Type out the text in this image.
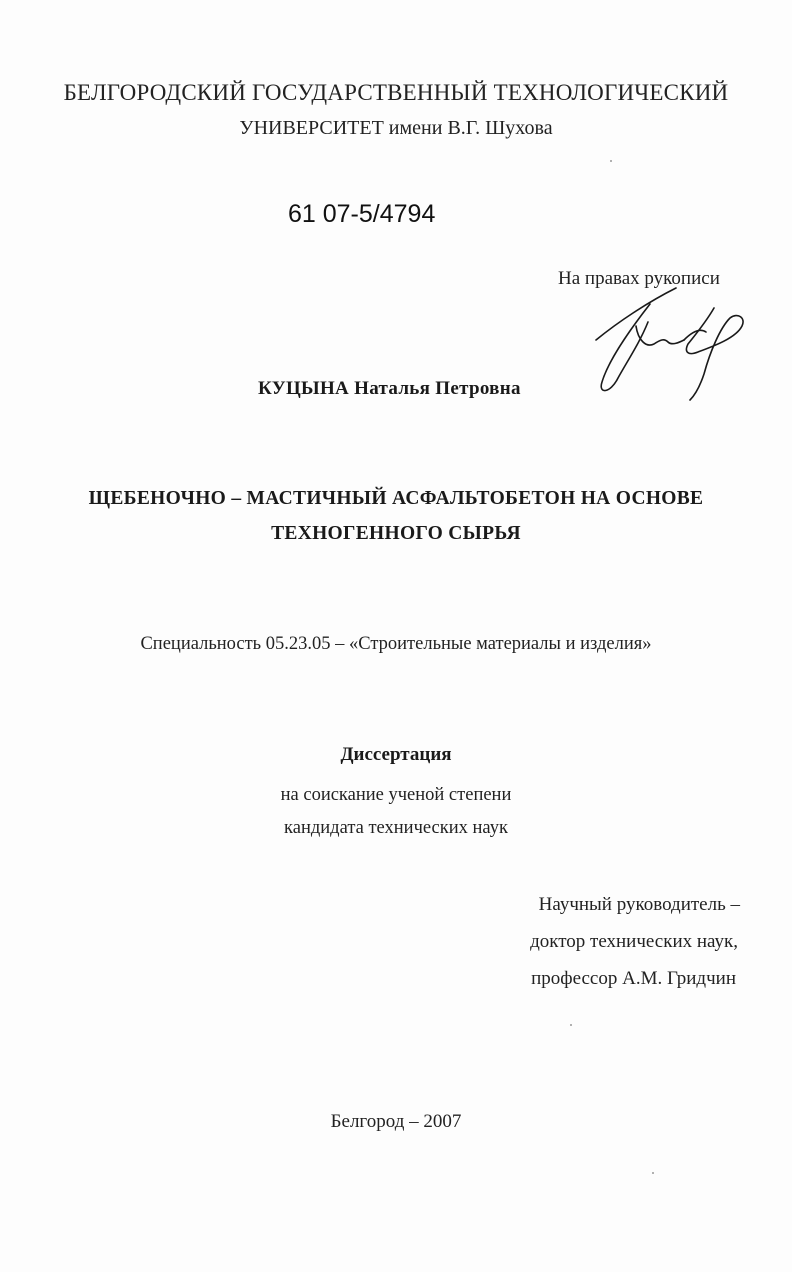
БЕЛГОРОДСКИЙ ГОСУДАРСТВЕННЫЙ ТЕХНОЛОГИЧЕСКИЙ
УНИВЕРСИТЕТ имени В.Г. Шухова
61 07-5/4794
На правах рукописи
КУЦЫНА Наталья Петровна
ЩЕБЕНОЧНО – МАСТИЧНЫЙ АСФАЛЬТОБЕТОН НА ОСНОВЕ
ТЕХНОГЕННОГО СЫРЬЯ
Специальность 05.23.05 – «Строительные материалы и изделия»
Диссертация
на соискание ученой степени
кандидата технических наук
Научный руководитель –
доктор технических наук,
профессор А.М. Гридчин
Белгород – 2007
